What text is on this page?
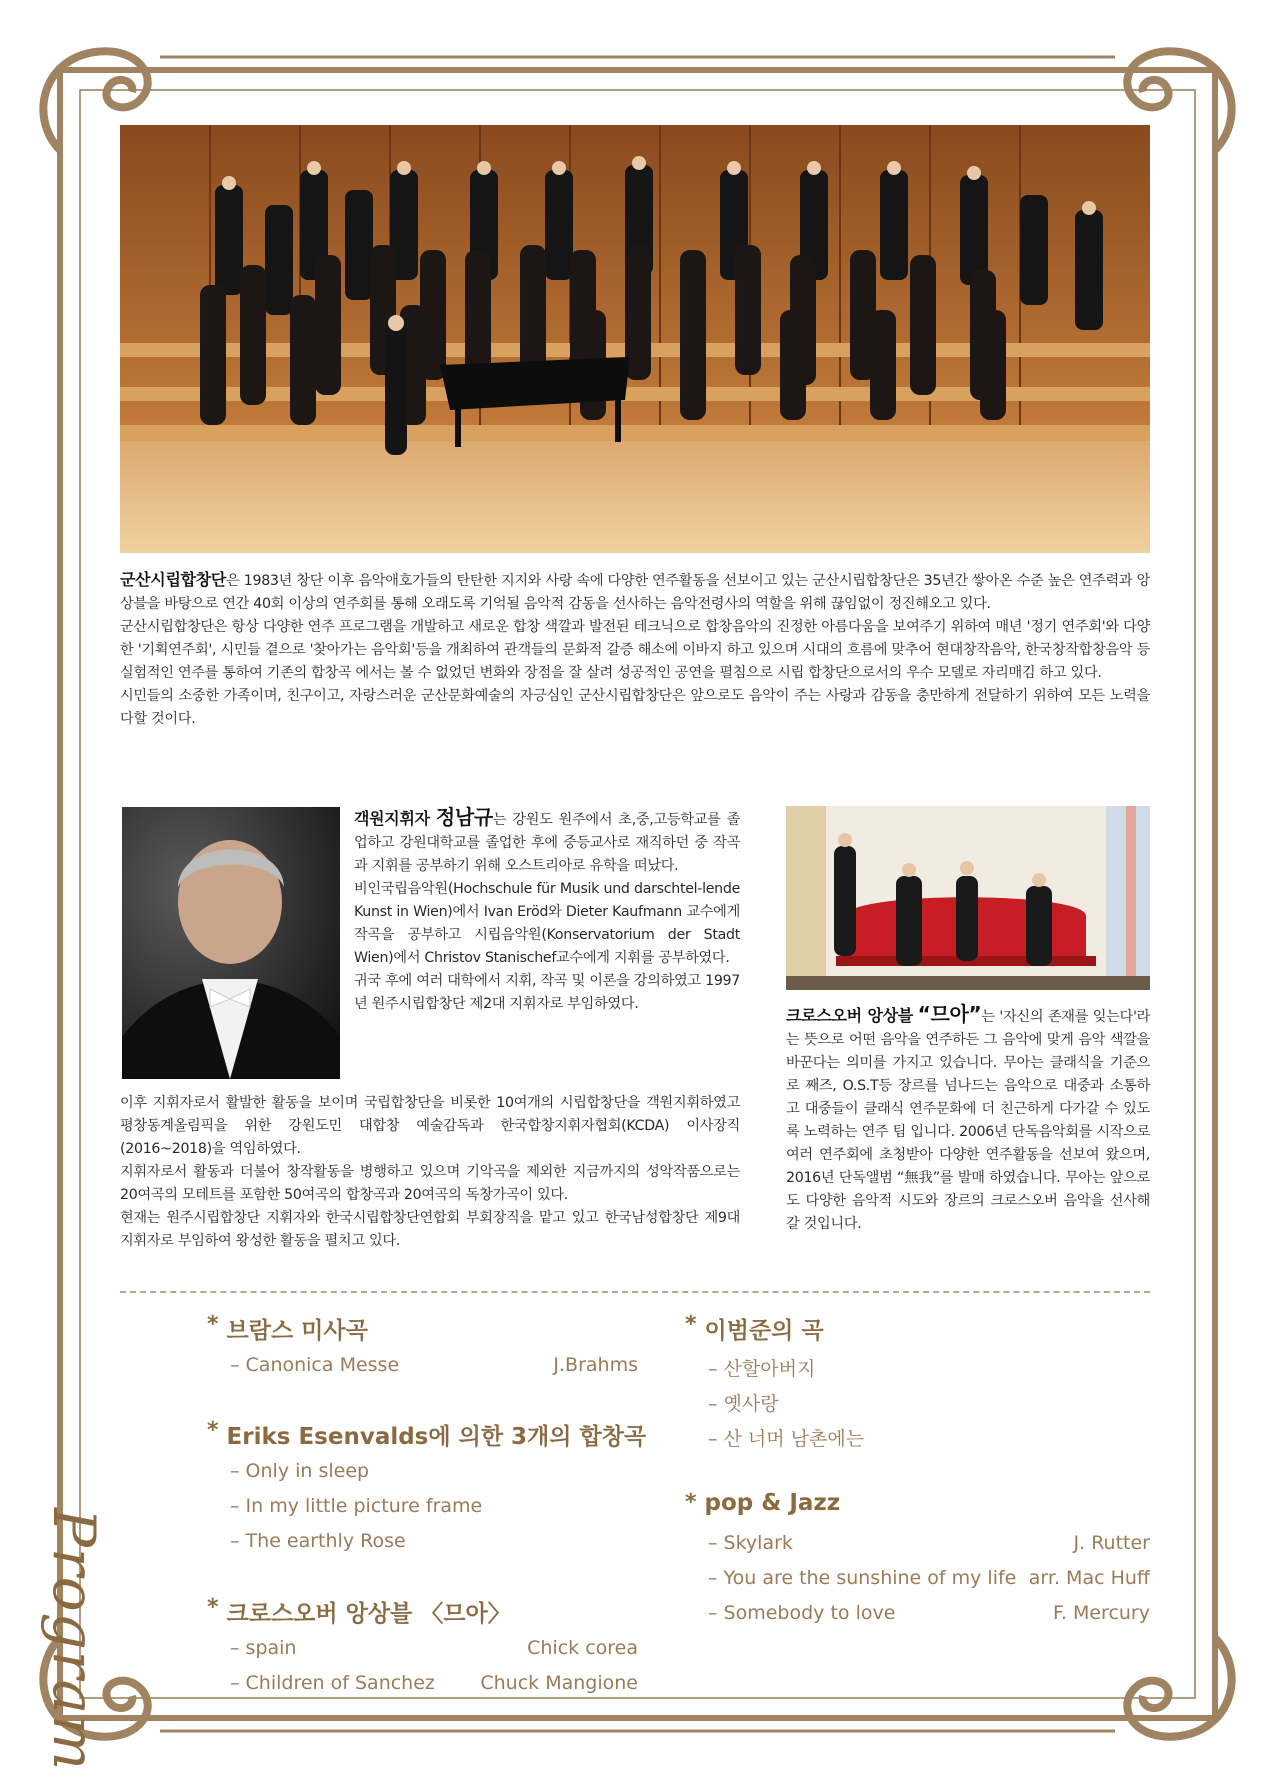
군산시립합창단은 1983년 창단 이후 음악애호가들의 탄탄한 지지와 사랑 속에 다양한 연주활동을 선보이고 있는 군산시립합창단은 35년간 쌓아온 수준 높은 연주력과 앙상블을 바탕으로 연간 40회 이상의 연주회를 통해 오래도록 기억될 음악적 감동을 선사하는 음악전령사의 역할을 위해 끊임없이 정진해오고 있다.

군산시립합창단은 항상 다양한 연주 프로그램을 개발하고 새로운 합창 색깔과 발전된 테크닉으로 합창음악의 진정한 아름다움을 보여주기 위하여 매년 '정기 연주회'와 다양한 '기획연주회', 시민들 곁으로 '찾아가는 음악회'등을 개최하여 관객들의 문화적 갈증 해소에 이바지 하고 있으며 시대의 흐름에 맞추어 현대창작음악, 한국창작합창음악 등 실험적인 연주를 통하여 기존의 합창곡 에서는 볼 수 없었던 변화와 장점을 잘 살려 성공적인 공연을 펼침으로 시립 합창단으로서의 우수 모델로 자리매김 하고 있다.

시민들의 소중한 가족이며, 친구이고, 자랑스러운 군산문화예술의 자긍심인 군산시립합창단은 앞으로도 음악이 주는 사랑과 감동을 충만하게 전달하기 위하여 모든 노력을 다할 것이다.

객원지휘자 정남규는 강원도 원주에서 초,중,고등학교를 졸업하고 강원대학교를 졸업한 후에 중등교사로 재직하던 중 작곡과 지휘를 공부하기 위해 오스트리아로 유학을 떠났다.

비인국립음악원(Hochschule für Musik und darschtel-lende Kunst in Wien)에서 Ivan Eröd와 Dieter Kaufmann 교수에게 작곡을 공부하고 시립음악원(Konservatorium der Stadt Wien)에서 Christov Stanischef교수에게 지휘를 공부하였다.

귀국 후에 여러 대학에서 지휘, 작곡 및 이론을 강의하였고 1997년 원주시립합창단 제2대 지휘자로 부임하였다.

이후 지휘자로서 활발한 활동을 보이며 국립합창단을 비롯한 10여개의 시립합창단을 객원지휘하였고 평창동계올림픽을 위한 강원도민 대합창 예술감독과 한국합창지휘자협회(KCDA) 이사장직(2016~2018)을 역임하였다.

지휘자로서 활동과 더불어 창작활동을 병행하고 있으며 기악곡을 제외한 지금까지의 성악작품으로는 20여곡의 모테트를 포함한 50여곡의 합창곡과 20여곡의 독창가곡이 있다.

현재는 원주시립합창단 지휘자와 한국시립합창단연합회 부회장직을 맡고 있고 한국남성합창단 제9대 지휘자로 부임하여 왕성한 활동을 펼치고 있다.

크로스오버 앙상블 “므아”는 '자신의 존재를 잊는다'라는 뜻으로 어떤 음악을 연주하든 그 음악에 맞게 음악 색깔을 바꾼다는 의미를 가지고 있습니다. 무아는 클래식을 기준으로 째즈, O.S.T등 장르를 넘나드는 음악으로 대중과 소통하고 대중들이 클래식 연주문화에 더 친근하게 다가갈 수 있도록 노력하는 연주 팀 입니다. 2006년 단독음악회를 시작으로 여러 연주회에 초청받아 다양한 연주활동을 선보여 왔으며, 2016년 단독앨범 “無我”를 발매 하였습니다. 무아는 앞으로도 다양한 음악적 시도와 장르의 크로스오버 음악을 선사해 갈 것입니다.

Program
* 브람스 미사곡
– Canonica Messe	J.Brahms
* Eriks Esenvalds에 의한 3개의 합창곡
– Only in sleep
– In my little picture frame
– The earthly Rose
* 크로스오버 앙상블 〈므아〉
– spain	Chick corea
– Children of Sanchez	Chuck Mangione
* 이범준의 곡
– 산할아버지
– 옛사랑
– 산 너머 남촌에는
* pop & Jazz
– Skylark	J. Rutter
– You are the sunshine of my life arr. Mac Huff
– Somebody to love	F. Mercury
